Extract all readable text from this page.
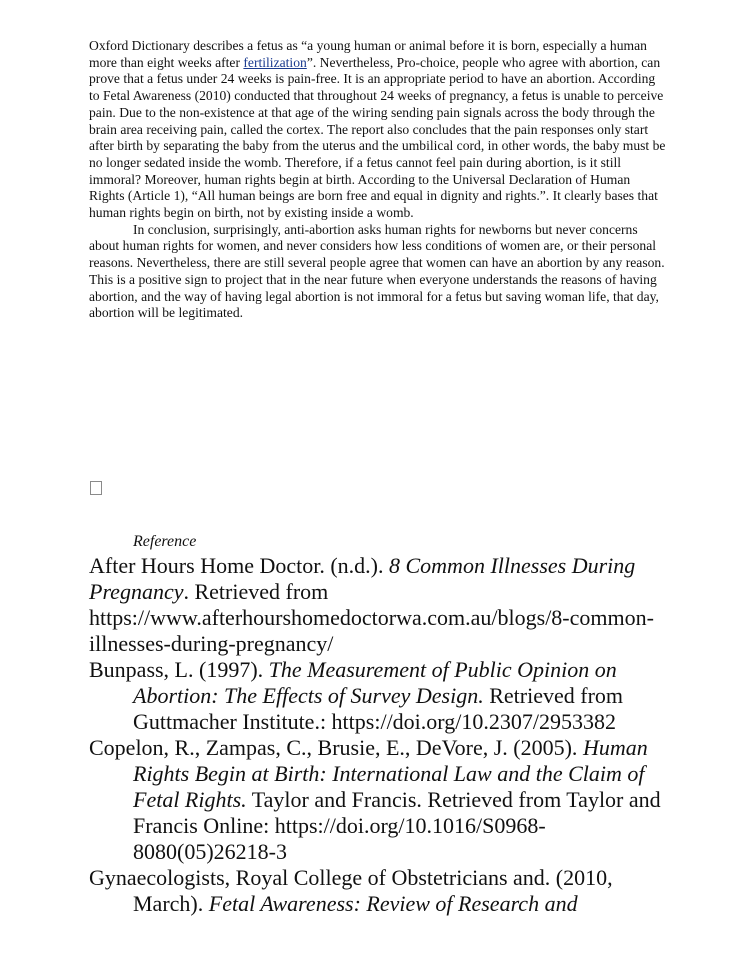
Oxford Dictionary describes a fetus as “a young human or animal before it is born, especially a human more than eight weeks after fertilization”. Nevertheless, Pro-choice, people who agree with abortion, can prove that a fetus under 24 weeks is pain-free. It is an appropriate period to have an abortion. According to Fetal Awareness (2010) conducted that throughout 24 weeks of pregnancy, a fetus is unable to perceive pain. Due to the non-existence at that age of the wiring sending pain signals across the body through the brain area receiving pain, called the cortex. The report also concludes that the pain responses only start after birth by separating the baby from the uterus and the umbilical cord, in other words, the baby must be no longer sedated inside the womb. Therefore, if a fetus cannot feel pain during abortion, is it still immoral? Moreover, human rights begin at birth. According to the Universal Declaration of Human Rights (Article 1), “All human beings are born free and equal in dignity and rights.”. It clearly bases that human rights begin on birth, not by existing inside a womb.

In conclusion, surprisingly, anti-abortion asks human rights for newborns but never concerns about human rights for women, and never considers how less conditions of women are, or their personal reasons. Nevertheless, there are still several people agree that women can have an abortion by any reason. This is a positive sign to project that in the near future when everyone understands the reasons of having abortion, and the way of having legal abortion is not immoral for a fetus but saving woman life, that day, abortion will be legitimated.

Reference

After Hours Home Doctor. (n.d.). 8 Common Illnesses During Pregnancy. Retrieved from https://www.afterhourshomedoctorwa.com.au/blogs/8-common-illnesses-during-pregnancy/

Bunpass, L. (1997). The Measurement of Public Opinion on Abortion: The Effects of Survey Design. Retrieved from Guttmacher Institute.: https://doi.org/10.2307/2953382

Copelon, R., Zampas, C., Brusie, E., DeVore, J. (2005). Human Rights Begin at Birth: International Law and the Claim of Fetal Rights. Taylor and Francis. Retrieved from Taylor and Francis Online: https://doi.org/10.1016/S0968-8080(05)26218-3

Gynaecologists, Royal College of Obstetricians and. (2010, March). Fetal Awareness: Review of Research and
